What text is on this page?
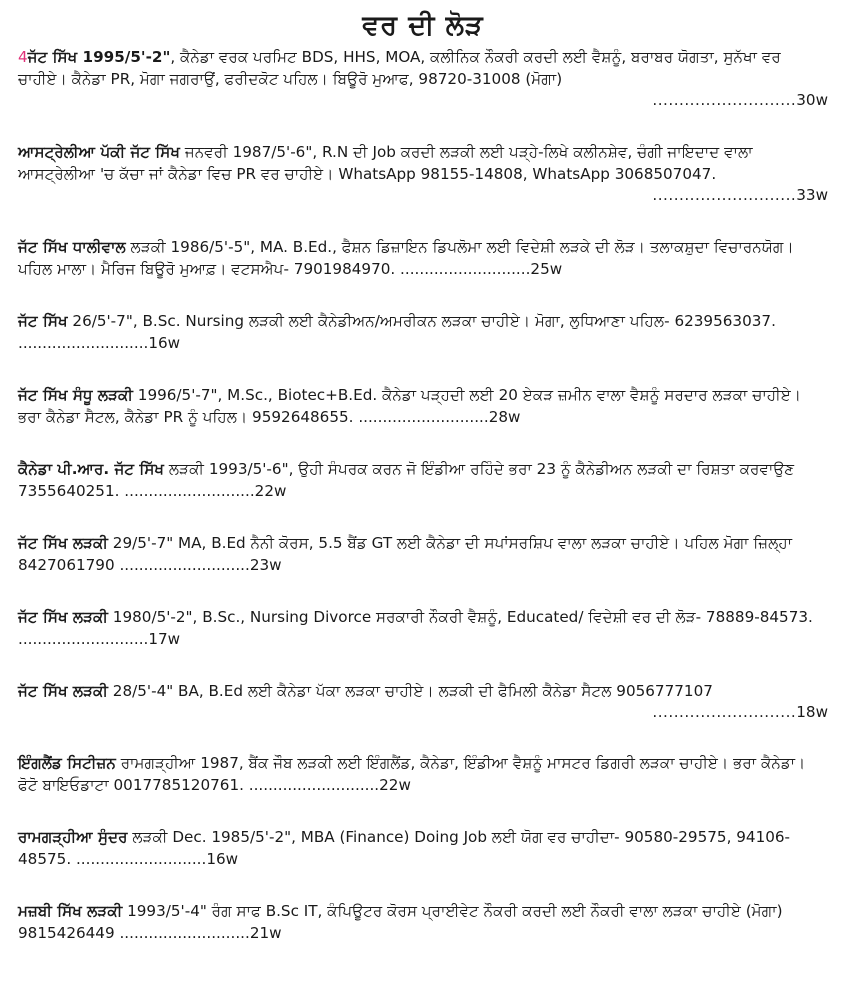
ਵਰ ਦੀ ਲੋੜ

4ਜੱਟ ਸਿੱਖ 1995/5'-2", ਕੈਨੇਡਾ ਵਰਕ ਪਰਮਿਟ BDS, HHS, MOA, ਕਲੀਨਿਕ ਨੌਕਰੀ ਕਰਦੀ ਲਈ ਵੈਸ਼ਨੂੰ, ਬਰਾਬਰ ਯੋਗਤਾ, ਸੁਨੱਖਾ ਵਰ ਚਾਹੀਏ। ਕੈਨੇਡਾ PR, ਮੋਗਾ ਜਗਰਾਉਂ, ਫਰੀਦਕੋਟ ਪਹਿਲ। ਬਿਊਰੋ ਮੁਆਫ, 98720-31008 (ਮੋਗਾ)

...........................30w

ਆਸਟ੍ਰੇਲੀਆ ਪੱਕੀ ਜੱਟ ਸਿੱਖ ਜਨਵਰੀ 1987/5'-6", R.N ਦੀ Job ਕਰਦੀ ਲੜਕੀ ਲਈ ਪੜ੍ਹੇ-ਲਿਖੇ ਕਲੀਨਸ਼ੇਵ, ਚੰਗੀ ਜਾਇਦਾਦ ਵਾਲਾ ਆਸਟ੍ਰੇਲੀਆ 'ਚ ਕੱਚਾ ਜਾਂ ਕੈਨੇਡਾ ਵਿਚ PR ਵਰ ਚਾਹੀਏ। WhatsApp 98155-14808, WhatsApp 3068507047.

...........................33w

ਜੱਟ ਸਿੱਖ ਧਾਲੀਵਾਲ ਲੜਕੀ 1986/5'-5", MA. B.Ed., ਫੈਸ਼ਨ ਡਿਜ਼ਾਇਨ ਡਿਪਲੋਮਾ ਲਈ ਵਿਦੇਸ਼ੀ ਲੜਕੇ ਦੀ ਲੋੜ। ਤਲਾਕਸ਼ੁਦਾ ਵਿਚਾਰਨਯੋਗ। ਪਹਿਲ ਮਾਲਾ। ਮੈਰਿਜ ਬਿਊਰੋ ਮੁਆਫ਼। ਵਟਸਐਪ- 7901984970. ...........................25w

ਜੱਟ ਸਿੱਖ 26/5'-7", B.Sc. Nursing ਲੜਕੀ ਲਈ ਕੈਨੇਡੀਅਨ/ਅਮਰੀਕਨ ਲੜਕਾ ਚਾਹੀਏ। ਮੋਗਾ, ਲੁਧਿਆਣਾ ਪਹਿਲ- 6239563037. ...........................16w

ਜੱਟ ਸਿੱਖ ਸੰਧੂ ਲੜਕੀ 1996/5'-7", M.Sc., Biotec+B.Ed. ਕੈਨੇਡਾ ਪੜ੍ਹਦੀ ਲਈ 20 ਏਕੜ ਜ਼ਮੀਨ ਵਾਲਾ ਵੈਸ਼ਨੂੰ ਸਰਦਾਰ ਲੜਕਾ ਚਾਹੀਏ। ਭਰਾ ਕੈਨੇਡਾ ਸੈਟਲ, ਕੈਨੇਡਾ PR ਨੂੰ ਪਹਿਲ। 9592648655. ...........................28w

ਕੈਨੇਡਾ ਪੀ.ਆਰ. ਜੱਟ ਸਿੱਖ ਲੜਕੀ 1993/5'-6", ਉਹੀ ਸੰਪਰਕ ਕਰਨ ਜੋ ਇੰਡੀਆ ਰਹਿੰਦੇ ਭਰਾ 23 ਨੂੰ ਕੈਨੇਡੀਅਨ ਲੜਕੀ ਦਾ ਰਿਸ਼ਤਾ ਕਰਵਾਉਣ 7355640251. ...........................22w

ਜੱਟ ਸਿੱਖ ਲੜਕੀ 29/5'-7" MA, B.Ed ਨੈਨੀ ਕੋਰਸ, 5.5 ਬੈਂਡ GT ਲਈ ਕੈਨੇਡਾ ਦੀ ਸਪਾਂਸਰਸ਼ਿਪ ਵਾਲਾ ਲੜਕਾ ਚਾਹੀਏ। ਪਹਿਲ ਮੋਗਾ ਜ਼ਿਲ੍ਹਾ 8427061790 ...........................23w

ਜੱਟ ਸਿੱਖ ਲੜਕੀ 1980/5'-2", B.Sc., Nursing Divorce ਸਰਕਾਰੀ ਨੌਕਰੀ ਵੈਸ਼ਨੂੰ, Educated/ ਵਿਦੇਸ਼ੀ ਵਰ ਦੀ ਲੋੜ- 78889-84573. ...........................17w

ਜੱਟ ਸਿੱਖ ਲੜਕੀ 28/5'-4" BA, B.Ed ਲਈ ਕੈਨੇਡਾ ਪੱਕਾ ਲੜਕਾ ਚਾਹੀਏ। ਲੜਕੀ ਦੀ ਫੈਮਿਲੀ ਕੈਨੇਡਾ ਸੈਟਲ 9056777107

...........................18w

ਇੰਗਲੈਂਡ ਸਿਟੀਜ਼ਨ ਰਾਮਗੜ੍ਹੀਆ 1987, ਬੈਂਕ ਜੌਬ ਲੜਕੀ ਲਈ ਇੰਗਲੈਂਡ, ਕੈਨੇਡਾ, ਇੰਡੀਆ ਵੈਸ਼ਨੂੰ ਮਾਸਟਰ ਡਿਗਰੀ ਲੜਕਾ ਚਾਹੀਏ। ਭਰਾ ਕੈਨੇਡਾ। ਫੋਟੋ ਬਾਇਓਡਾਟਾ 0017785120761. ...........................22w

ਰਾਮਗੜ੍ਹੀਆ ਸੁੰਦਰ ਲੜਕੀ Dec. 1985/5'-2", MBA (Finance) Doing Job ਲਈ ਯੋਗ ਵਰ ਚਾਹੀਦਾ- 90580-29575, 94106-48575. ...........................16w

ਮਜ਼ਬੀ ਸਿੱਖ ਲੜਕੀ 1993/5'-4" ਰੰਗ ਸਾਫ B.Sc IT, ਕੰਪਿਊਟਰ ਕੋਰਸ ਪ੍ਰਾਈਵੇਟ ਨੌਕਰੀ ਕਰਦੀ ਲਈ ਨੌਕਰੀ ਵਾਲਾ ਲੜਕਾ ਚਾਹੀਏ (ਮੋਗਾ) 9815426449 ...........................21w
